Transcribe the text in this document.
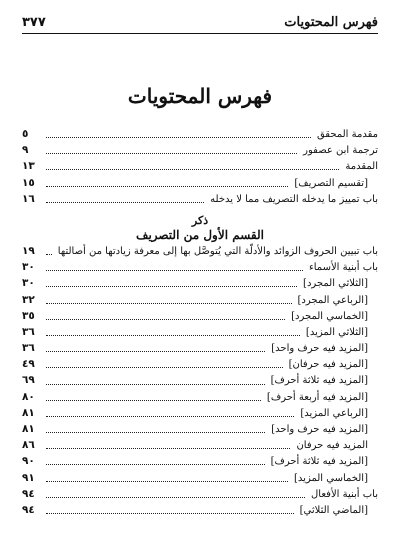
٣٧٧	فهرس المحتويات
فهرس المحتويات
مقدمة المحقق
٥
ترجمة ابن عصفور
٩
المقدمة
١٣
[تقسيم التصريف]
١٥
باب تمييز ما يدخله التصريف مما لا يدخله
١٦
ذكر
القسم الأول من التصريف
باب تبيين الحروف الزوائد والأدلّة التي يُتوصَّل بها إلى معرفة زيادتها من أصالتها
١٩
باب أبنية الأسماء
٣٠
[الثلاثي المجرد]
٣٠
[الرباعي المجرد]
٣٢
[الخماسي المجرد]
٣٥
[الثلاثي المزيد]
٣٦
[المزيد فيه حرف واحد]
٣٦
[المزيد فيه حرفان]
٤٩
[المزيد فيه ثلاثة أحرف]
٦٩
[المزيد فيه أربعة أحرف]
٨٠
[الرباعي المزيد]
٨١
[المزيد فيه حرف واحد]
٨١
المزيد فيه حرفان
٨٦
[المزيد فيه ثلاثة أحرف]
٩٠
[الخماسي المزيد]
٩١
باب أبنية الأفعال
٩٤
[الماضي الثلاثي]
٩٤
